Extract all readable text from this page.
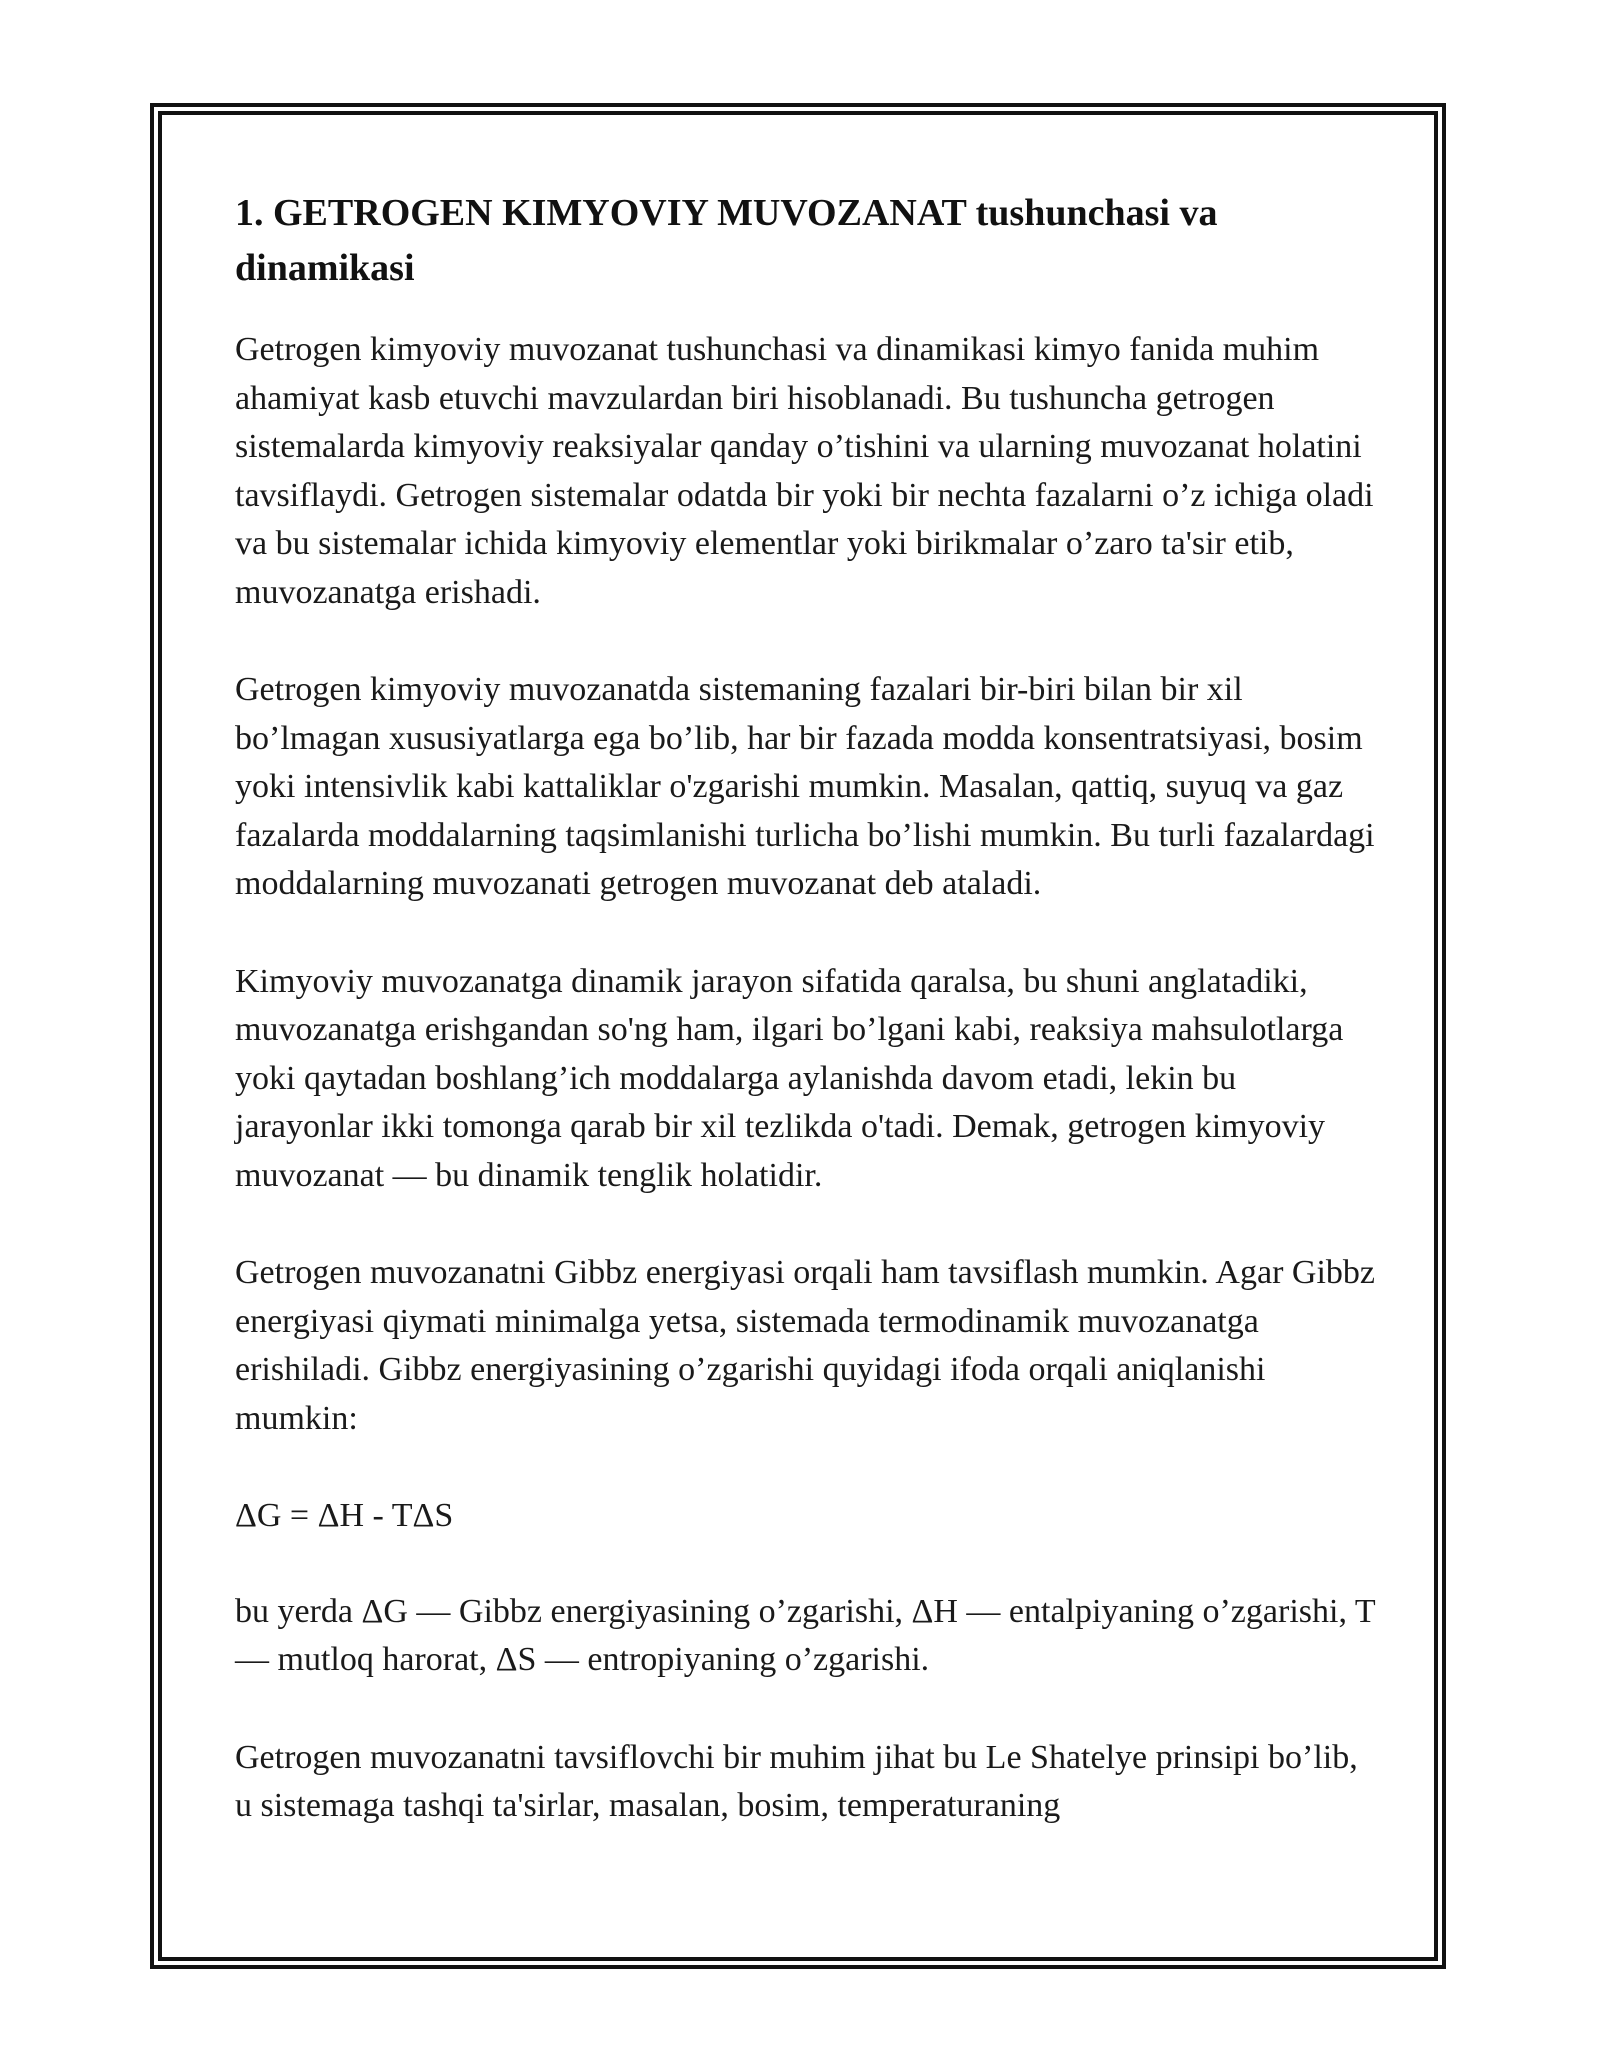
1. GETROGEN KIMYOVIY MUVOZANAT tushunchasi va dinamikasi

Getrogen kimyoviy muvozanat tushunchasi va dinamikasi kimyo fanida muhim ahamiyat kasb etuvchi mavzulardan biri hisoblanadi. Bu tushuncha getrogen sistemalarda kimyoviy reaksiyalar qanday o’tishini va ularning muvozanat holatini tavsiflaydi. Getrogen sistemalar odatda bir yoki bir nechta fazalarni o’z ichiga oladi va bu sistemalar ichida kimyoviy elementlar yoki birikmalar o’zaro ta'sir etib, muvozanatga erishadi.

Getrogen kimyoviy muvozanatda sistemaning fazalari bir-biri bilan bir xil bo’lmagan xususiyatlarga ega bo’lib, har bir fazada modda konsentratsiyasi, bosim yoki intensivlik kabi kattaliklar o'zgarishi mumkin. Masalan, qattiq, suyuq va gaz fazalarda moddalarning taqsimlanishi turlicha bo’lishi mumkin. Bu turli fazalardagi moddalarning muvozanati getrogen muvozanat deb ataladi.

Kimyoviy muvozanatga dinamik jarayon sifatida qaralsa, bu shuni anglatadiki, muvozanatga erishgandan so'ng ham, ilgari bo’lgani kabi, reaksiya mahsulotlarga yoki qaytadan boshlang’ich moddalarga aylanishda davom etadi, lekin bu jarayonlar ikki tomonga qarab bir xil tezlikda o'tadi. Demak, getrogen kimyoviy muvozanat — bu dinamik tenglik holatidir.

Getrogen muvozanatni Gibbz energiyasi orqali ham tavsiflash mumkin. Agar Gibbz energiyasi qiymati minimalga yetsa, sistemada termodinamik muvozanatga erishiladi. Gibbz energiyasining o’zgarishi quyidagi ifoda orqali aniqlanishi mumkin:

ΔG = ΔH - TΔS

bu yerda ΔG — Gibbz energiyasining o’zgarishi, ΔH — entalpiyaning o’zgarishi, T — mutloq harorat, ΔS — entropiyaning o’zgarishi.

Getrogen muvozanatni tavsiflovchi bir muhim jihat bu Le Shatelye prinsipi bo’lib, u sistemaga tashqi ta'sirlar, masalan, bosim, temperaturaning
